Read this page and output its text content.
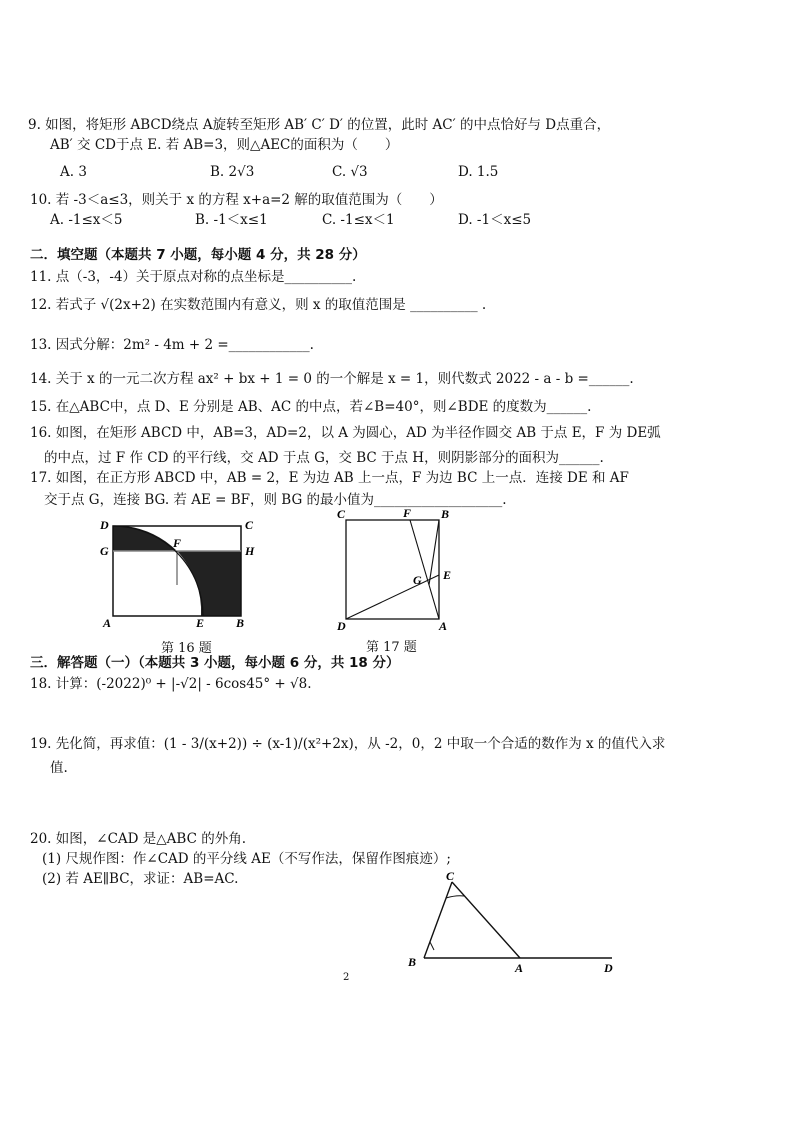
9. 如图，将矩形 ABCD绕点 A旋转至矩形 AB′ C′ D′ 的位置，此时 AC′ 的中点恰好与 D点重合，
AB′ 交 CD于点 E. 若 AB=3，则△AEC的面积为（　　）
A. 3	B. 2√3	C. √3	D. 1.5
10. 若 -3＜a≤3，则关于 x 的方程 x+a=2 解的取值范围为（　　）
A. -1≤x＜5	B. -1＜x≤1	C. -1≤x＜1	D. -1＜x≤5
二．填空题（本题共 7 小题，每小题 4 分，共 28 分）
11. 点（-3，-4）关于原点对称的点坐标是__________.
12. 若式子 √(2x+2) 在实数范围内有意义，则 x 的取值范围是 __________ .
13. 因式分解：2m² - 4m + 2 =____________.
14. 关于 x 的一元二次方程 ax² + bx + 1 = 0 的一个解是 x = 1，则代数式 2022 - a - b =______.
15. 在△ABC中，点 D、E 分别是 AB、AC 的中点，若∠B=40°，则∠BDE 的度数为______.
16. 如图，在矩形 ABCD 中，AB=3，AD=2，以 A 为圆心，AD 为半径作圆交 AB 于点 E，F 为 DE弧
的中点，过 F 作 CD 的平行线，交 AD 于点 G，交 BC 于点 H，则阴影部分的面积为______.
17. 如图，在正方形 ABCD 中，AB = 2，E 为边 AB 上一点，F 为边 BC 上一点．连接 DE 和 AF
交于点 G，连接 BG. 若 AE = BF，则 BG 的最小值为___________________.
D	C
G
F
H
A	E	B
第 16 题
C	F B
G E
D	A
第 17 题
三．解答题（一）（本题共 3 小题，每小题 6 分，共 18 分）
18. 计算：(-2022)⁰ + |-√2| - 6cos45° + √8.
19. 先化简，再求值：(1 - 3/(x+2)) ÷ (x-1)/(x²+2x)，从 -2，0，2 中取一个合适的数作为 x 的值代入求
值.
20. 如图，∠CAD 是△ABC 的外角.
(1) 尺规作图：作∠CAD 的平分线 AE（不写作法，保留作图痕迹）;
(2) 若 AE∥BC，求证：AB=AC.	C
B	A	D
2
